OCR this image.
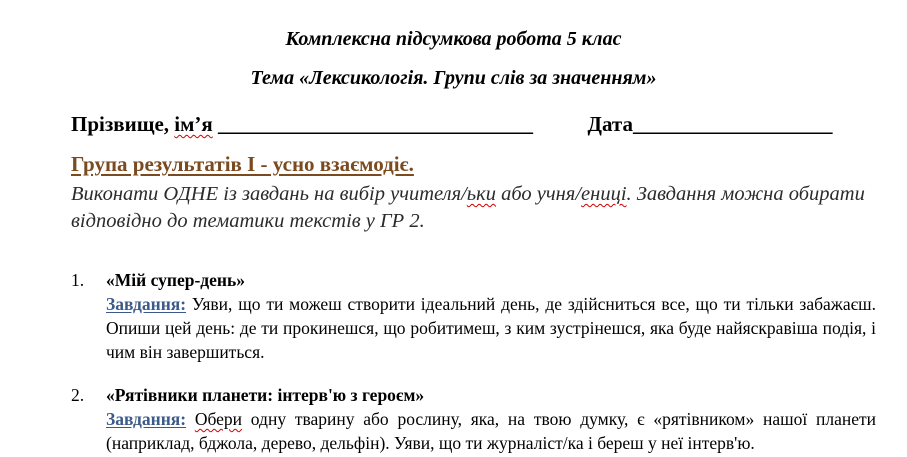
Комплексна підсумкова робота 5 клас
Тема «Лексикологія. Групи слів за значенням»
Прізвище, ім’я ______________________________	Дата___________________
Група результатів І - усно взаємодіє.
Виконати ОДНЕ із завдань на вибір учителя/ьки або учня/ениці. Завдання можна обирати відповідно до тематики текстів у ГР 2.
1. «Мій супер-день»
Завдання: Уяви, що ти можеш створити ідеальний день, де здійсниться все, що ти тільки забажаєш. Опиши цей день: де ти прокинешся, що робитимеш, з ким зустрінешся, яка буде найяскравіша подія, і чим він завершиться.
2. «Рятівники планети: інтерв'ю з героєм»
Завдання: Обери одну тварину або рослину, яка, на твою думку, є «рятівником» нашої планети (наприклад, бджола, дерево, дельфін). Уяви, що ти журналіст/ка і береш у неї інтерв'ю.
